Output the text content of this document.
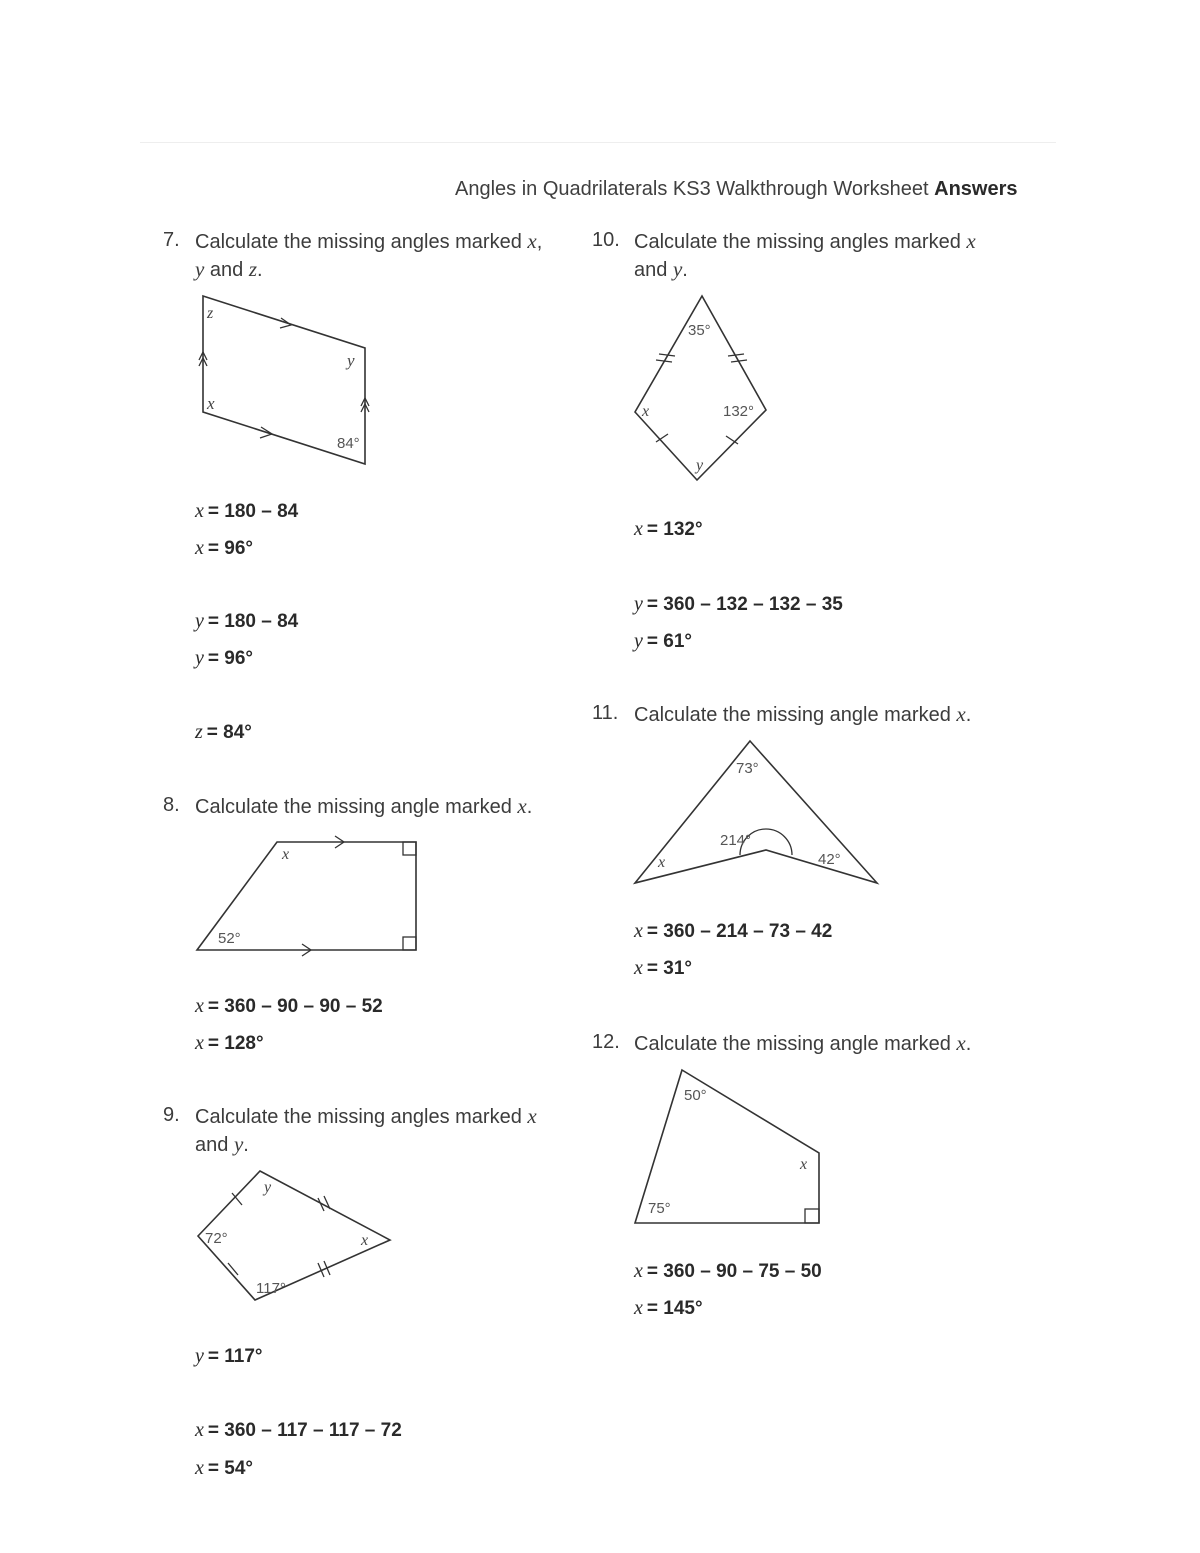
Angles in Quadrilaterals KS3 Walkthrough Worksheet Answers
7. Calculate the missing angles marked x,
y and z.
z
y
x
84°
x = 180 – 84
x = 96°
y = 180 – 84
y = 96°
z = 84°
8. Calculate the missing angle marked x.
x
52°
x = 360 – 90 – 90 – 52
x = 128°
9. Calculate the missing angles marked x
and y.
y
x
72°
117°
y = 117°
x = 360 – 117 – 117 – 72
x = 54°
10. Calculate the missing angles marked x
and y.
35°
x	132°
y
x = 132°
y = 360 – 132 – 132 – 35
y = 61°
11. Calculate the missing angle marked x.
73°
214°
x	42°
x = 360 – 214 – 73 – 42
x = 31°
12. Calculate the missing angle marked x.
50°
x
75°
x = 360 – 90 – 75 – 50
x = 145°
